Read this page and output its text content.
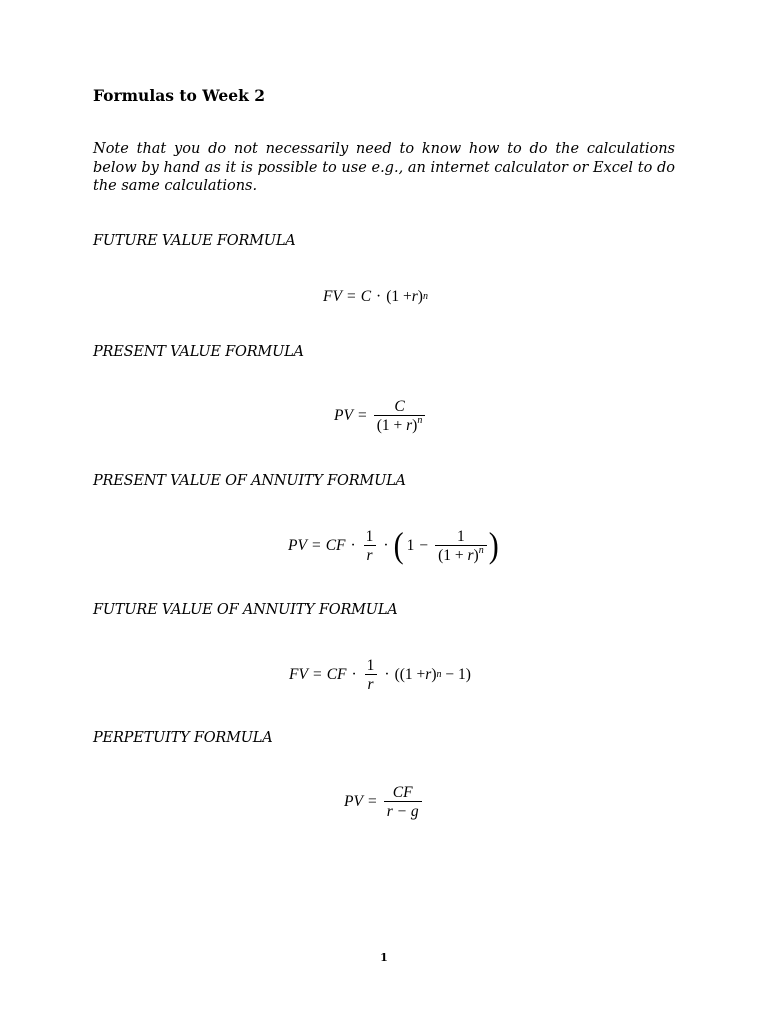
Formulas to Week 2

Note that you do not necessarily need to know how to do the calculations below by hand as it is possible to use e.g., an internet calculator or Excel to do the same calculations.

FUTURE VALUE FORMULA

FV = C · (1 + r ) n

PRESENT VALUE FORMULA

PV = $\frac{C}{(1 + r)^n}$

PRESENT VALUE OF ANNUITY FORMULA

PV = CF · $\frac{1}{r}$ · ( $1 - \frac{1}{(1 + r)^n}$ )

FUTURE VALUE OF ANNUITY FORMULA

FV = CF · $\frac{1}{r} \cdot ((1 + r$ ) n − 1)

PERPETUITY FORMULA

PV = $\frac{CF}{r - g}$
1
